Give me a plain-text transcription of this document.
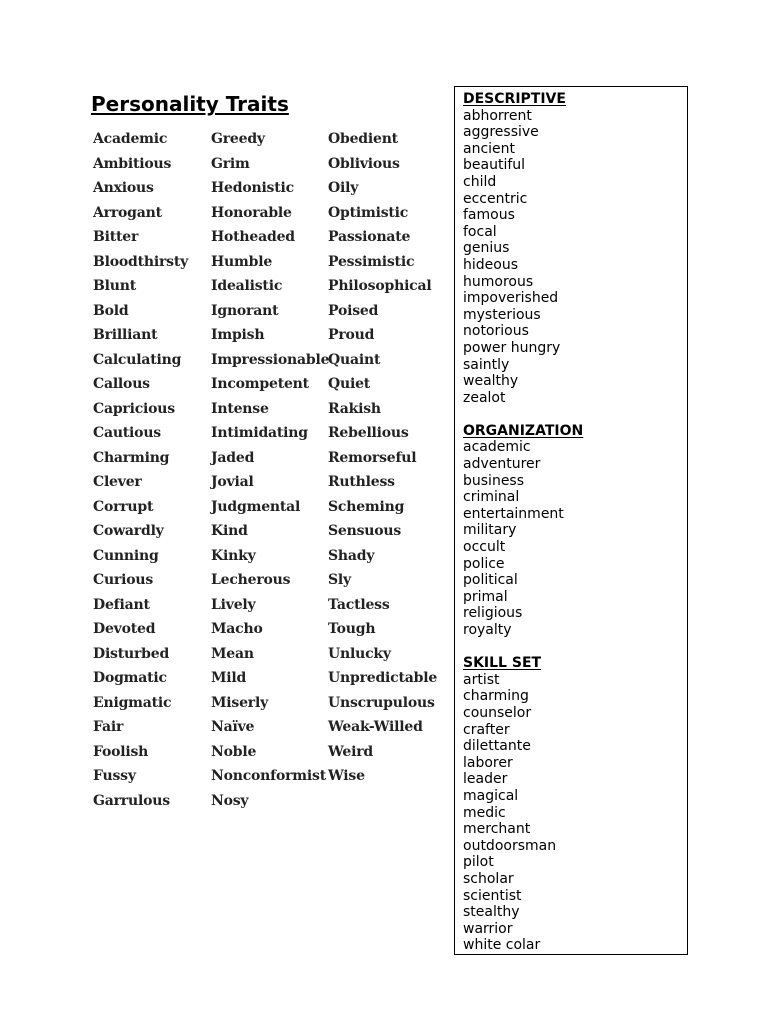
Personality Traits
Academic
Ambitious
Anxious
Arrogant
Bitter
Bloodthirsty
Blunt
Bold
Brilliant
Calculating
Callous
Capricious
Cautious
Charming
Clever
Corrupt
Cowardly
Cunning
Curious
Defiant
Devoted
Disturbed
Dogmatic
Enigmatic
Fair
Foolish
Fussy
Garrulous
Greedy
Grim
Hedonistic
Honorable
Hotheaded
Humble
Idealistic
Ignorant
Impish
Impressionable
Incompetent
Intense
Intimidating
Jaded
Jovial
Judgmental
Kind
Kinky
Lecherous
Lively
Macho
Mean
Mild
Miserly
Naïve
Noble
Nonconformist
Nosy
Obedient
Oblivious
Oily
Optimistic
Passionate
Pessimistic
Philosophical
Poised
Proud
Quaint
Quiet
Rakish
Rebellious
Remorseful
Ruthless
Scheming
Sensuous
Shady
Sly
Tactless
Tough
Unlucky
Unpredictable
Unscrupulous
Weak-Willed
Weird
Wise
DESCRIPTIVE
abhorrent
aggressive
ancient
beautiful
child
eccentric
famous
focal
genius
hideous
humorous
impoverished
mysterious
notorious
power hungry
saintly
wealthy
zealot
ORGANIZATION
academic
adventurer
business
criminal
entertainment
military
occult
police
political
primal
religious
royalty
SKILL SET
artist
charming
counselor
crafter
dilettante
laborer
leader
magical
medic
merchant
outdoorsman
pilot
scholar
scientist
stealthy
warrior
white colar
